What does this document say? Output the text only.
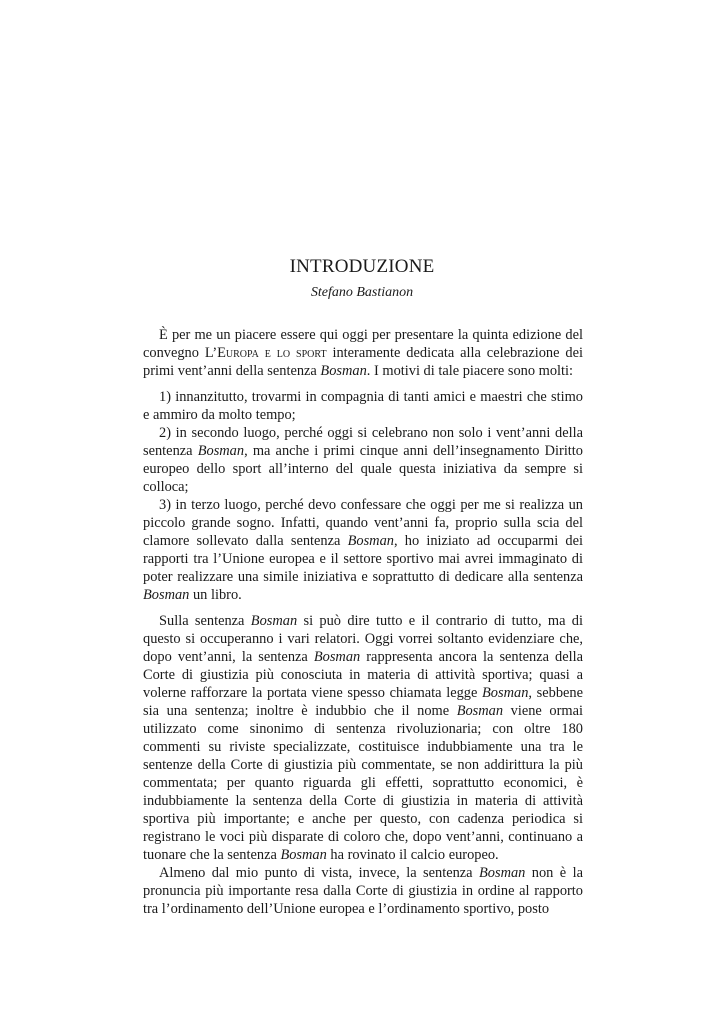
INTRODUZIONE
Stefano Bastianon

È per me un piacere essere qui oggi per presentare la quinta edizione del convegno L’Europa e lo sport interamente dedicata alla celebrazione dei primi vent’anni della sentenza Bosman. I motivi di tale piacere sono molti:

1) innanzitutto, trovarmi in compagnia di tanti amici e maestri che stimo e ammiro da molto tempo;

2) in secondo luogo, perché oggi si celebrano non solo i vent’anni della sentenza Bosman, ma anche i primi cinque anni dell’insegnamento Diritto europeo dello sport all’interno del quale questa iniziativa da sempre si colloca;

3) in terzo luogo, perché devo confessare che oggi per me si realizza un piccolo grande sogno. Infatti, quando vent’anni fa, proprio sulla scia del clamore sollevato dalla sentenza Bosman, ho iniziato ad occuparmi dei rapporti tra l’Unione europea e il settore sportivo mai avrei immaginato di poter realizzare una simile iniziativa e soprattutto di dedicare alla sentenza Bosman un libro.

Sulla sentenza Bosman si può dire tutto e il contrario di tutto, ma di questo si occuperanno i vari relatori. Oggi vorrei soltanto evidenziare che, dopo vent’anni, la sentenza Bosman rappresenta ancora la sentenza della Corte di giustizia più conosciuta in materia di attività sportiva; quasi a volerne rafforzare la portata viene spesso chiamata legge Bosman, sebbene sia una sentenza; inoltre è indubbio che il nome Bosman viene ormai utilizzato come sinonimo di sentenza rivoluzionaria; con oltre 180 commenti su riviste specializzate, costituisce indubbiamente una tra le sentenze della Corte di giustizia più commentate, se non addirittura la più commentata; per quanto riguarda gli effetti, soprattutto economici, è indubbiamente la sentenza della Corte di giustizia in materia di attività sportiva più importante; e anche per questo, con cadenza periodica si registrano le voci più disparate di coloro che, dopo vent’anni, continuano a tuonare che la sentenza Bosman ha rovinato il calcio europeo.

Almeno dal mio punto di vista, invece, la sentenza Bosman non è la pronuncia più importante resa dalla Corte di giustizia in ordine al rapporto tra l’ordinamento dell’Unione europea e l’ordinamento sportivo, posto
